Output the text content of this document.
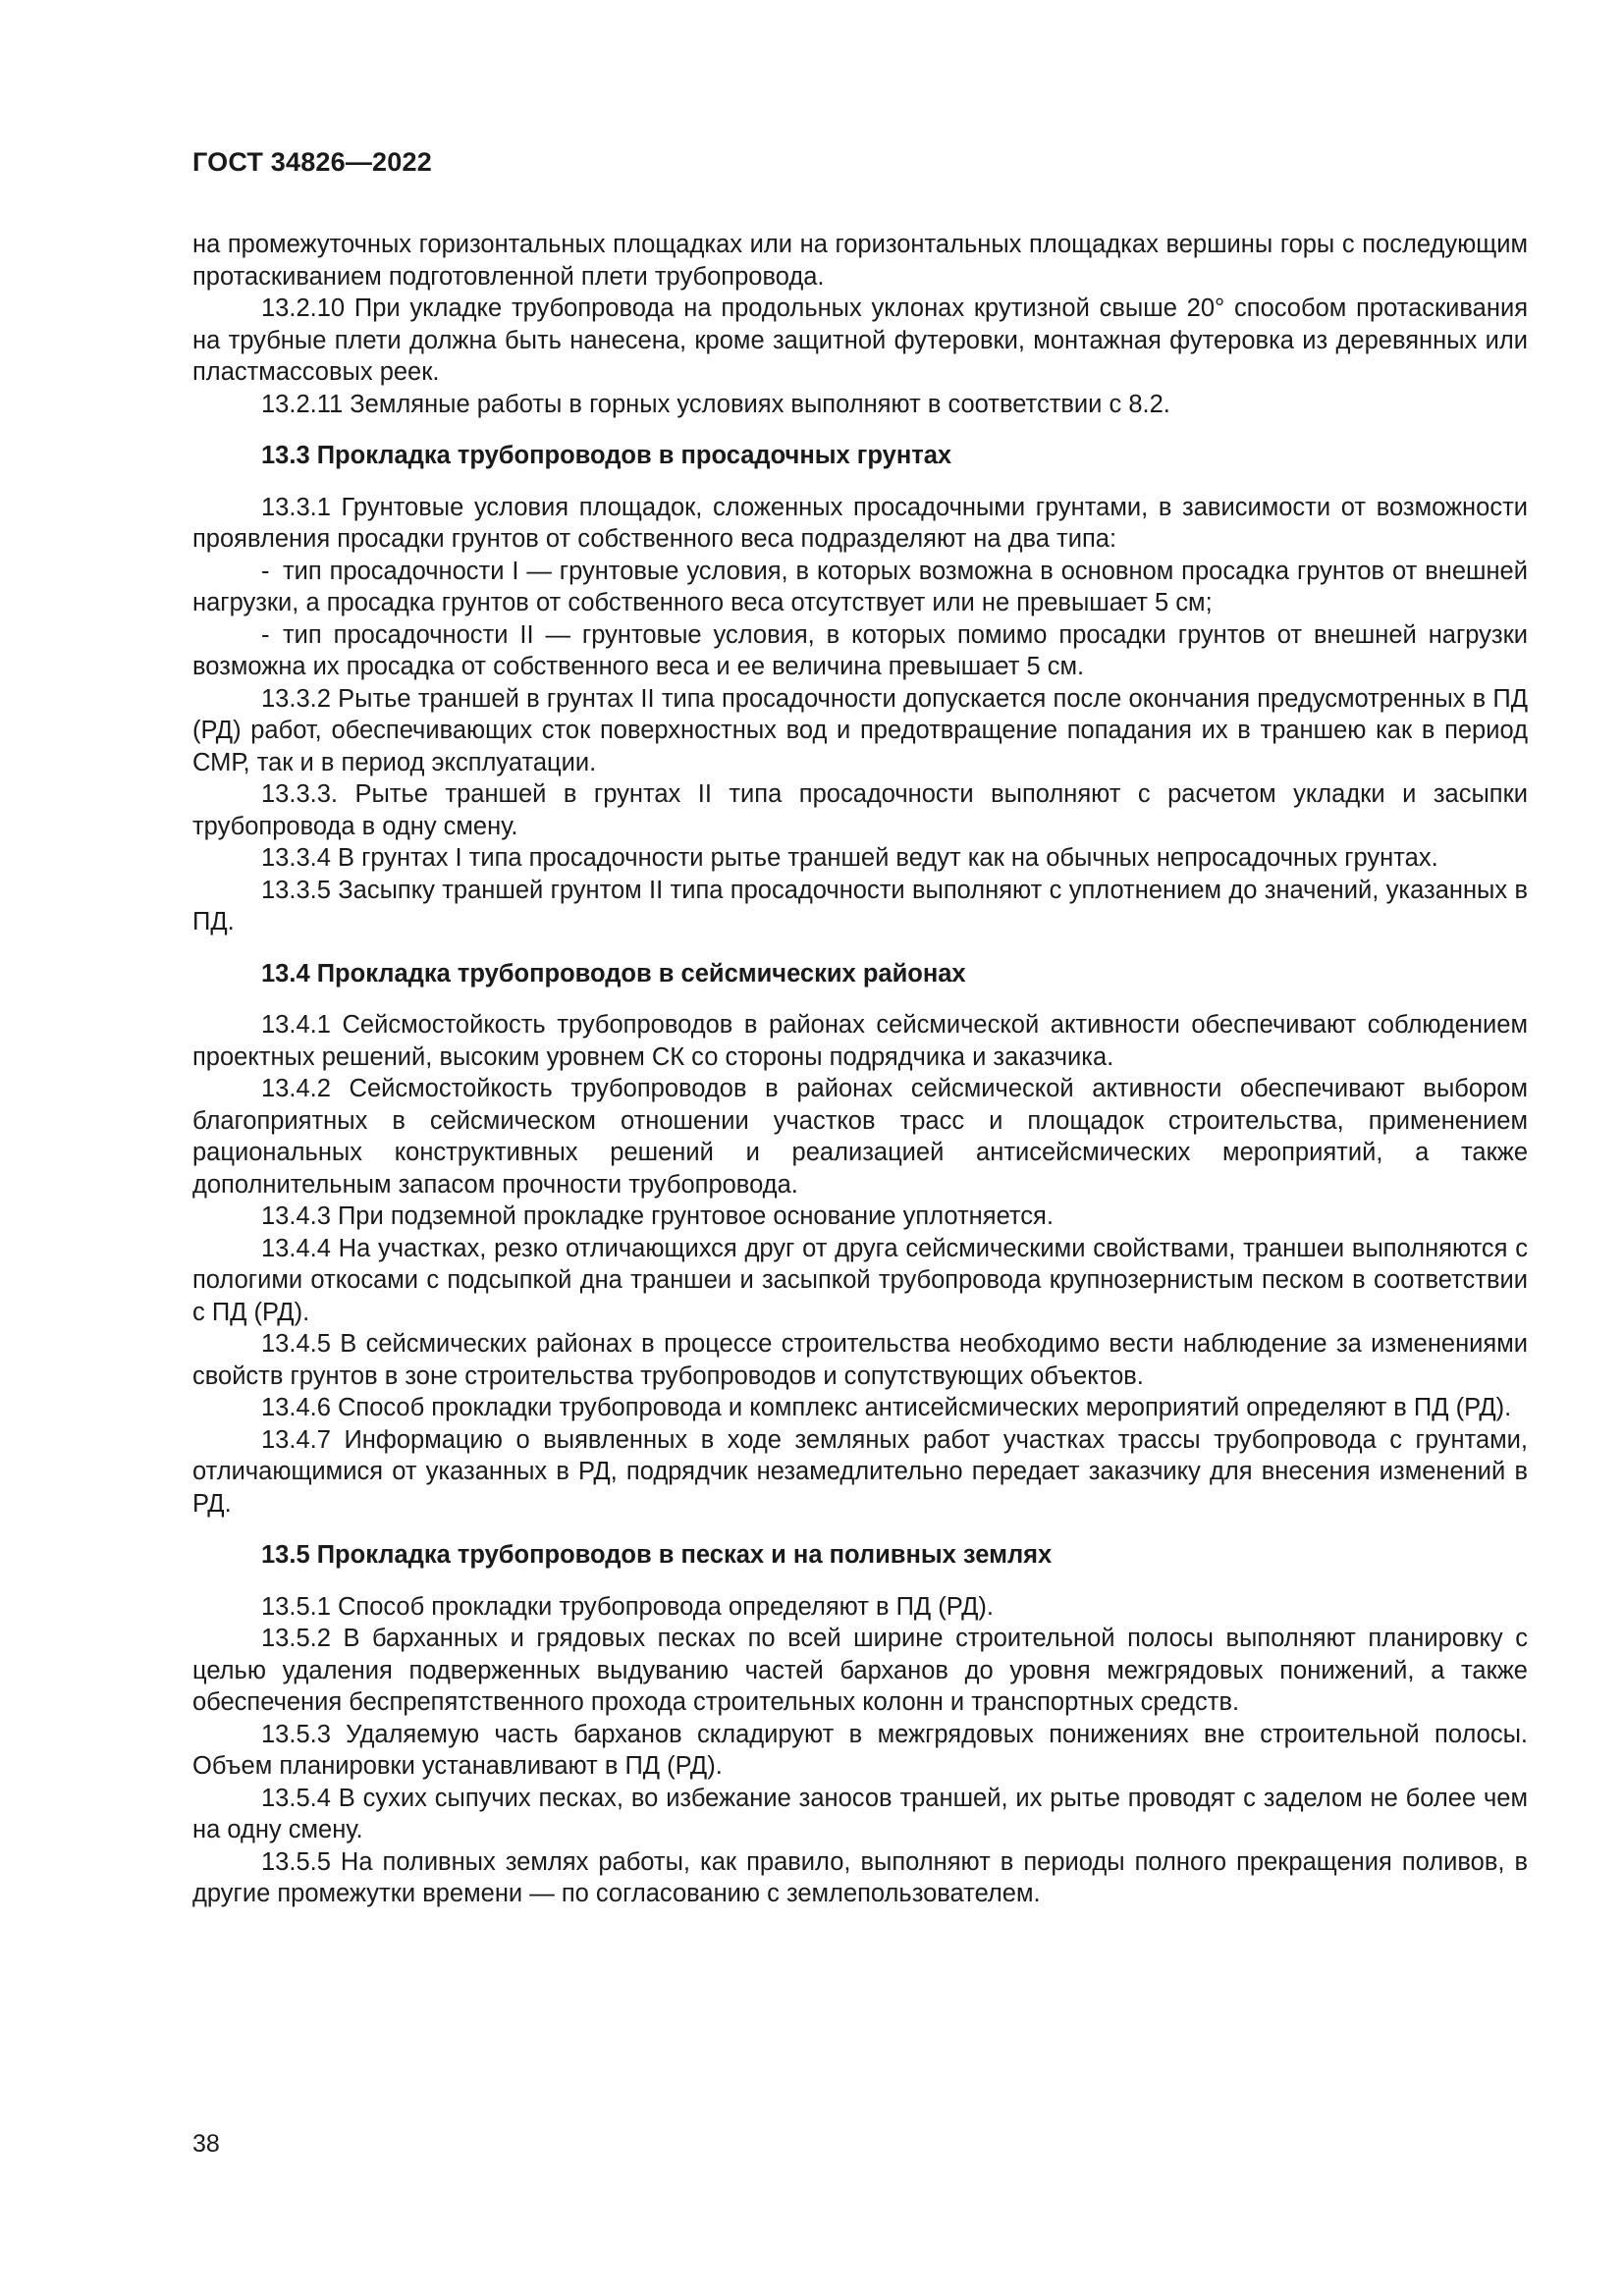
ГОСТ 34826—2022

на промежуточных горизонтальных площадках или на горизонтальных площадках вершины горы с последующим протаскиванием подготовленной плети трубопровода.

13.2.10 При укладке трубопровода на продольных уклонах крутизной свыше 20° способом протаскивания на трубные плети должна быть нанесена, кроме защитной футеровки, монтажная футеровка из деревянных или пластмассовых реек.

13.2.11 Земляные работы в горных условиях выполняют в соответствии с 8.2.

13.3 Прокладка трубопроводов в просадочных грунтах

13.3.1 Грунтовые условия площадок, сложенных просадочными грунтами, в зависимости от возможности проявления просадки грунтов от собственного веса подразделяют на два типа:

- тип просадочности I — грунтовые условия, в которых возможна в основном просадка грунтов от внешней нагрузки, а просадка грунтов от собственного веса отсутствует или не превышает 5 см;

- тип просадочности II — грунтовые условия, в которых помимо просадки грунтов от внешней нагрузки возможна их просадка от собственного веса и ее величина превышает 5 см.

13.3.2 Рытье траншей в грунтах II типа просадочности допускается после окончания предусмотренных в ПД (РД) работ, обеспечивающих сток поверхностных вод и предотвращение попадания их в траншею как в период СМР, так и в период эксплуатации.

13.3.3. Рытье траншей в грунтах II типа просадочности выполняют с расчетом укладки и засыпки трубопровода в одну смену.

13.3.4 В грунтах I типа просадочности рытье траншей ведут как на обычных непросадочных грунтах.

13.3.5 Засыпку траншей грунтом II типа просадочности выполняют с уплотнением до значений, указанных в ПД.

13.4 Прокладка трубопроводов в сейсмических районах

13.4.1 Сейсмостойкость трубопроводов в районах сейсмической активности обеспечивают соблюдением проектных решений, высоким уровнем СК со стороны подрядчика и заказчика.

13.4.2 Сейсмостойкость трубопроводов в районах сейсмической активности обеспечивают выбором благоприятных в сейсмическом отношении участков трасс и площадок строительства, применением рациональных конструктивных решений и реализацией антисейсмических мероприятий, а также дополнительным запасом прочности трубопровода.

13.4.3 При подземной прокладке грунтовое основание уплотняется.

13.4.4 На участках, резко отличающихся друг от друга сейсмическими свойствами, траншеи выполняются с пологими откосами с подсыпкой дна траншеи и засыпкой трубопровода крупнозернистым песком в соответствии с ПД (РД).

13.4.5 В сейсмических районах в процессе строительства необходимо вести наблюдение за изменениями свойств грунтов в зоне строительства трубопроводов и сопутствующих объектов.

13.4.6 Способ прокладки трубопровода и комплекс антисейсмических мероприятий определяют в ПД (РД).

13.4.7 Информацию о выявленных в ходе земляных работ участках трассы трубопровода с грунтами, отличающимися от указанных в РД, подрядчик незамедлительно передает заказчику для внесения изменений в РД.

13.5 Прокладка трубопроводов в песках и на поливных землях

13.5.1 Способ прокладки трубопровода определяют в ПД (РД).

13.5.2 В барханных и грядовых песках по всей ширине строительной полосы выполняют планировку с целью удаления подверженных выдуванию частей барханов до уровня межгрядовых понижений, а также обеспечения беспрепятственного прохода строительных колонн и транспортных средств.

13.5.3 Удаляемую часть барханов складируют в межгрядовых понижениях вне строительной полосы. Объем планировки устанавливают в ПД (РД).

13.5.4 В сухих сыпучих песках, во избежание заносов траншей, их рытье проводят с заделом не более чем на одну смену.

13.5.5 На поливных землях работы, как правило, выполняют в периоды полного прекращения поливов, в другие промежутки времени — по согласованию с землепользователем.

38
